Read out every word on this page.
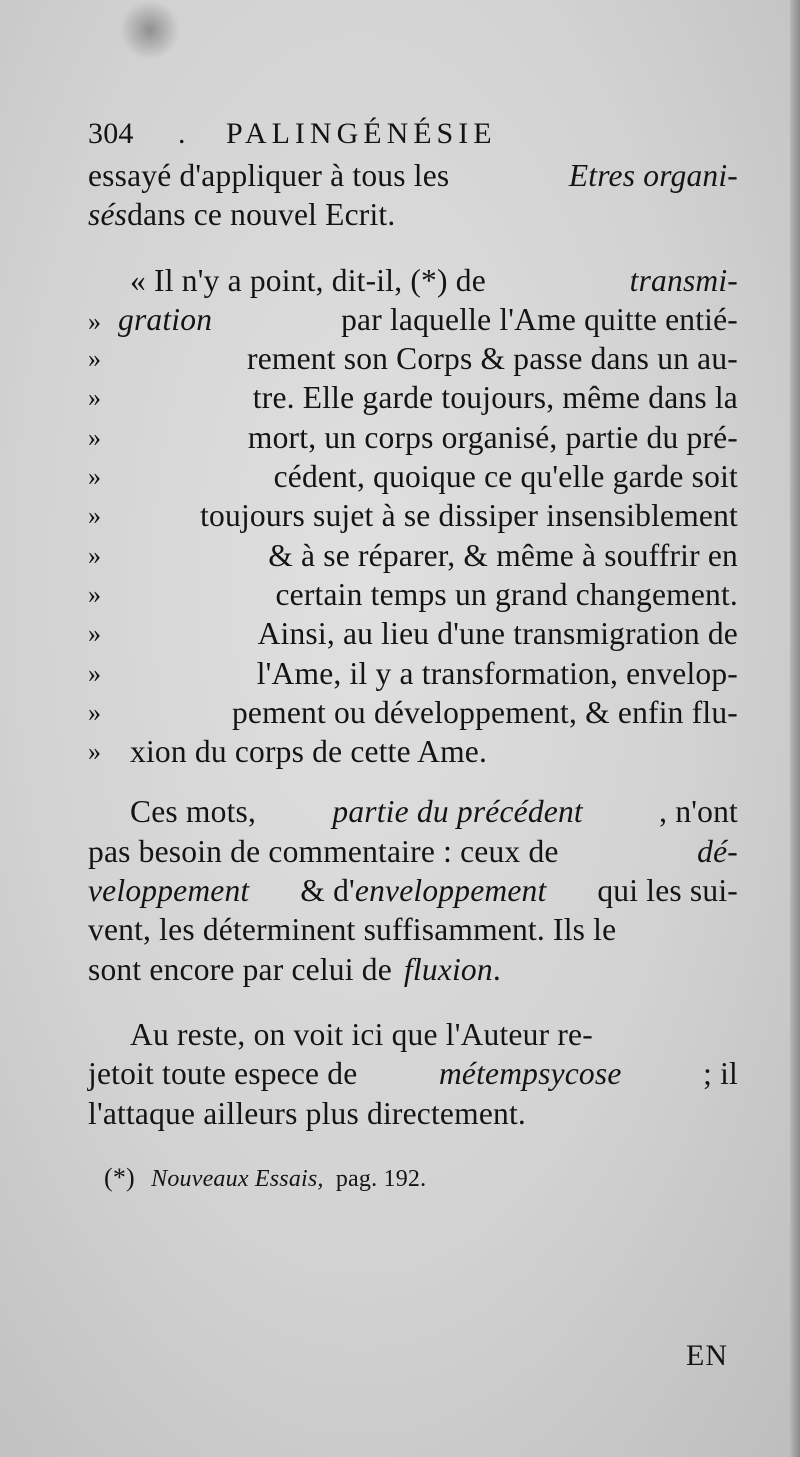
304	.	PALINGÉNÉSIE
essayé d'appliquer à tous les	Etres organi-
sés dans ce nouvel Ecrit.
« Il n'y a point, dit-il, (*) de	transmi-
» gration	par laquelle l'Ame quitte entié-
»	rement son Corps & passe dans un au-
»	tre. Elle garde toujours, même dans la
»	mort, un corps organisé, partie du pré-
»	cédent, quoique ce qu'elle garde soit
»	toujours sujet à se dissiper insensiblement
»	& à se réparer, & même à souffrir en
»	certain temps un grand changement.
»	Ainsi, au lieu d'une transmigration de
»	l'Ame, il y a transformation, envelop-
»	pement ou développement, & enfin flu-
» xion du corps de cette Ame.
Ces mots, partie du précédent , n'ont
pas besoin de commentaire : ceux de	dé-
veloppement & d'enveloppement qui les sui-
vent, les déterminent suffisamment. Ils le
sont encore par celui de fluxion.
Au reste, on voit ici que l'Auteur re-
jetoit toute espece de	métempsycose	; il
l'attaque ailleurs plus directement.
(*) Nouveaux Essais, pag. 192.
EN
